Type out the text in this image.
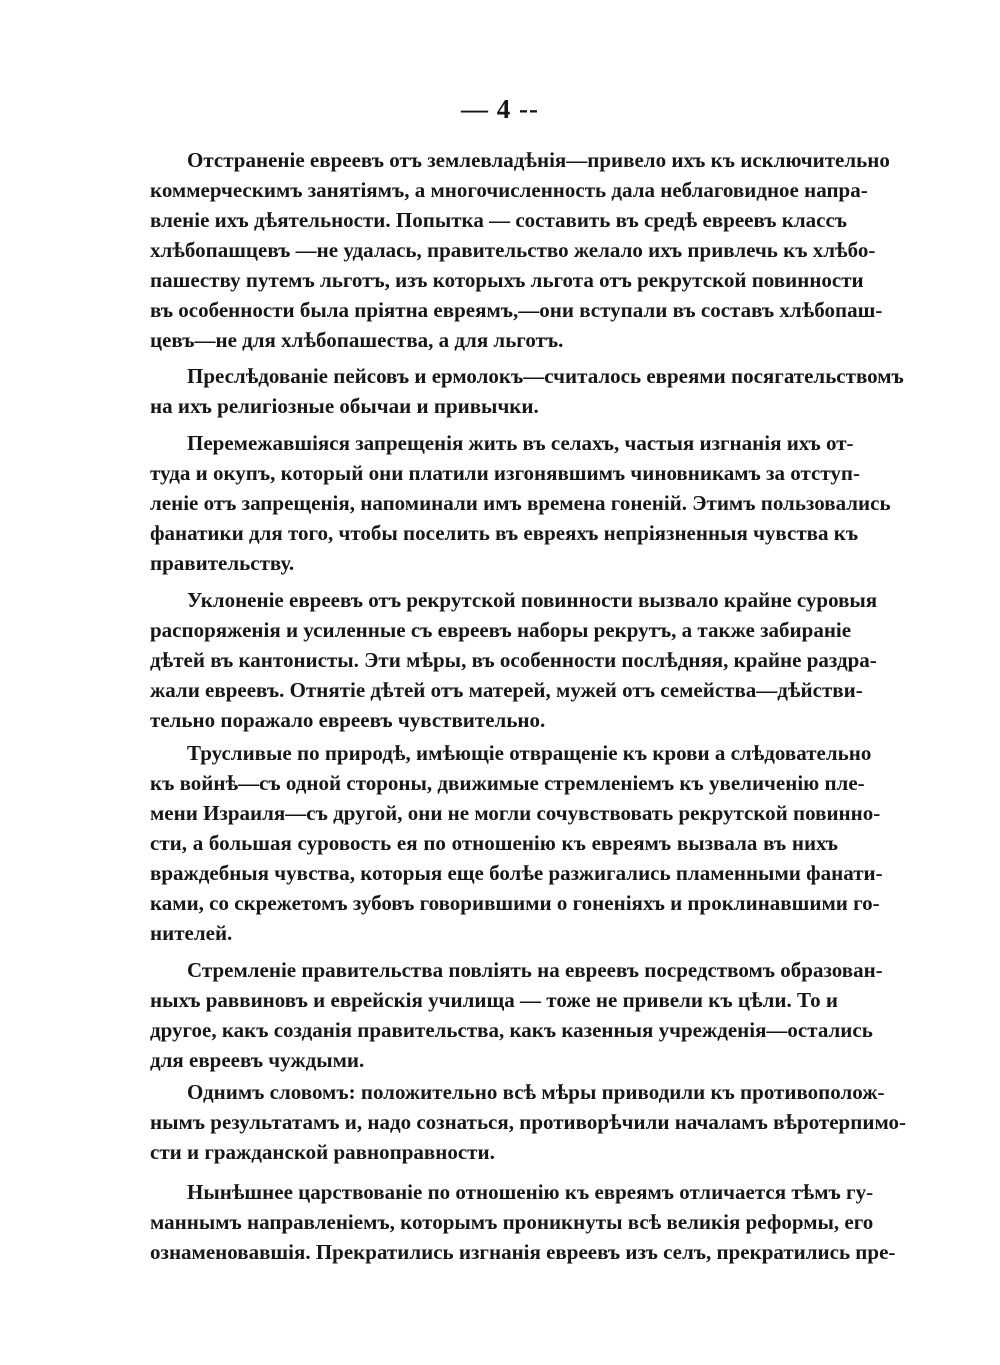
— 4 --
Отстраненіе евреевъ отъ землевладѣнія—привело ихъ къ исключительно
коммерческимъ занятіямъ, а многочисленность дала неблаговидное напра-
вленіе ихъ дѣятельности. Попытка — составить въ средѣ евреевъ классъ
хлѣбопашцевъ —не удалась, правительство желало ихъ привлечь къ хлѣбо-
пашеству путемъ льготъ, изъ которыхъ льгота отъ рекрутской повинности
въ особенности была пріятна евреямъ,—они вступали въ составъ хлѣбопаш-
цевъ—не для хлѣбопашества, а для льготъ.
Преслѣдованіе пейсовъ и ермолокъ—считалось евреями посягательствомъ
на ихъ религіозные обычаи и привычки.
Перемежавшіяся запрещенія жить въ селахъ, частыя изгнанія ихъ от-
туда и окупъ, который они платили изгонявшимъ чиновникамъ за отступ-
леніе отъ запрещенія, напоминали имъ времена гоненій. Этимъ пользовались
фанатики для того, чтобы поселить въ евреяхъ непріязненныя чувства къ
правительству.
Уклоненіе евреевъ отъ рекрутской повинности вызвало крайне суровыя
распоряженія и усиленные съ евреевъ наборы рекрутъ, а также забираніе
дѣтей въ кантонисты. Эти мѣры, въ особенности послѣдняя, крайне раздра-
жали евреевъ. Отнятіе дѣтей отъ матерей, мужей отъ семейства—дѣйстви-
тельно поражало евреевъ чувствительно.
Трусливые по природѣ, имѣющіе отвращеніе къ крови а слѣдовательно
къ войнѣ—съ одной стороны, движимые стремленіемъ къ увеличенію пле-
мени Израиля—съ другой, они не могли сочувствовать рекрутской повинно-
сти, а большая суровость ея по отношенію къ евреямъ вызвала въ нихъ
враждебныя чувства, которыя еще болѣе разжигались пламенными фанати-
ками, со скрежетомъ зубовъ говорившими о гоненіяхъ и проклинавшими го-
нителей.
Стремленіе правительства повліять на евреевъ посредствомъ образован-
ныхъ раввиновъ и еврейскія училища — тоже не привели къ цѣли. То и
другое, какъ созданія правительства, какъ казенныя учрежденія—остались
для евреевъ чуждыми.
Однимъ словомъ: положительно всѣ мѣры приводили къ противополож-
нымъ результатамъ и, надо сознаться, противорѣчили началамъ вѣротерпимо-
сти и гражданской равноправности.
Нынѣшнее царствованіе по отношенію къ евреямъ отличается тѣмъ гу-
маннымъ направленіемъ, которымъ проникнуты всѣ великія реформы, его
ознаменовавшія. Прекратились изгнанія евреевъ изъ селъ, прекратились пре-
